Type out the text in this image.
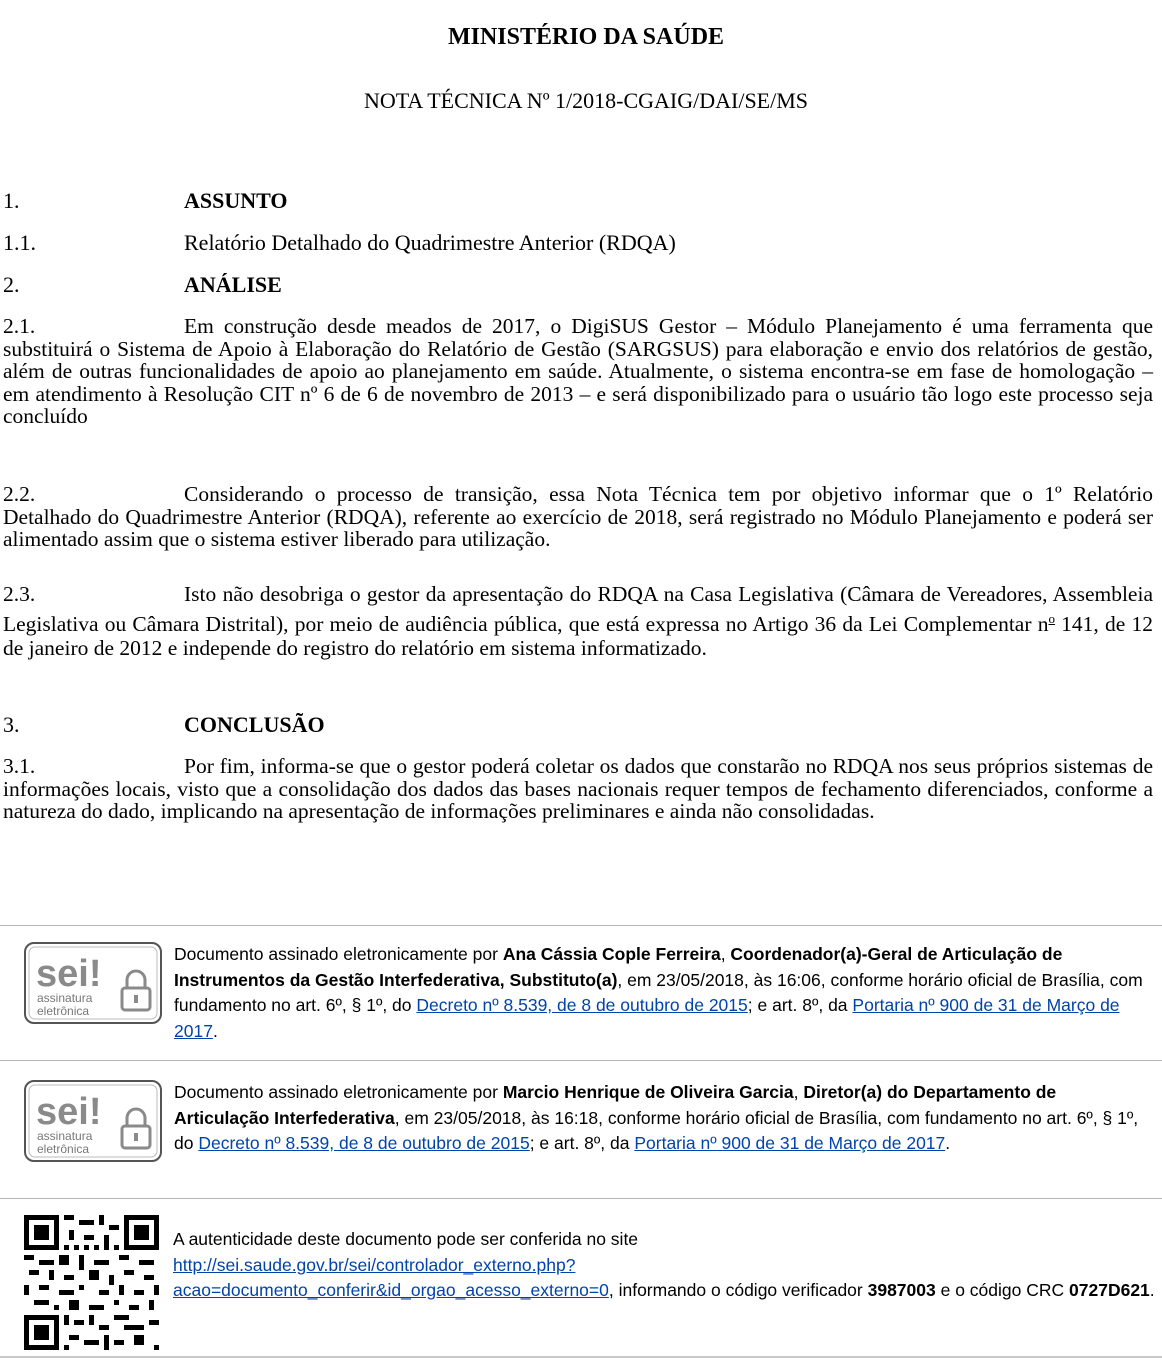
MINISTÉRIO DA SAÚDE
NOTA TÉCNICA Nº 1/2018-CGAIG/DAI/SE/MS
1.	ASSUNTO
1.1.	Relatório Detalhado do Quadrimestre Anterior (RDQA)
2.	ANÁLISE
2.1.	Em construção desde meados de 2017, o DigiSUS Gestor – Módulo Planejamento é uma ferramenta que substituirá o Sistema de Apoio à Elaboração do Relatório de Gestão (SARGSUS) para elaboração e envio dos relatórios de gestão, além de outras funcionalidades de apoio ao planejamento em saúde. Atualmente, o sistema encontra-se em fase de homologação – em atendimento à Resolução CIT nº 6 de 6 de novembro de 2013 – e será disponibilizado para o usuário tão logo este processo seja concluído
2.2.	Considerando o processo de transição, essa Nota Técnica tem por objetivo informar que o 1º Relatório Detalhado do Quadrimestre Anterior (RDQA), referente ao exercício de 2018, será registrado no Módulo Planejamento e poderá ser alimentado assim que o sistema estiver liberado para utilização.
2.3.	Isto não desobriga o gestor da apresentação do RDQA na Casa Legislativa (Câmara de Vereadores, Assembleia Legislativa ou Câmara Distrital), por meio de audiência pública, que está expressa no Artigo 36 da Lei Complementar $n^o$ 141, de 12 de janeiro de 2012 e independe do registro do relatório em sistema informatizado.
3.	CONCLUSÃO
3.1.	Por fim, informa-se que o gestor poderá coletar os dados que constarão no RDQA nos seus próprios sistemas de informações locais, visto que a consolidação dos dados das bases nacionais requer tempos de fechamento diferenciados, conforme a natureza do dado, implicando na apresentação de informações preliminares e ainda não consolidadas.
sei!
assinatura
eletrônica
Documento assinado eletronicamente por Ana Cássia Cople Ferreira, Coordenador(a)-Geral de Articulação de Instrumentos da Gestão Interfederativa, Substituto(a), em 23/05/2018, às 16:06, conforme horário oficial de Brasília, com fundamento no art. 6º, § 1º, do Decreto nº 8.539, de 8 de outubro de 2015; e art. 8º, da Portaria nº 900 de 31 de Março de 2017.
sei!
assinatura
eletrônica
Documento assinado eletronicamente por Marcio Henrique de Oliveira Garcia, Diretor(a) do Departamento de Articulação Interfederativa, em 23/05/2018, às 16:18, conforme horário oficial de Brasília, com fundamento no art. 6º, § 1º, do Decreto nº 8.539, de 8 de outubro de 2015; e art. 8º, da Portaria nº 900 de 31 de Março de 2017.
A autenticidade deste documento pode ser conferida no site
http://sei.saude.gov.br/sei/controlador_externo.php?
acao=documento_conferir&id_orgao_acesso_externo=0, informando o código verificador 3987003 e o código CRC 0727D621.
